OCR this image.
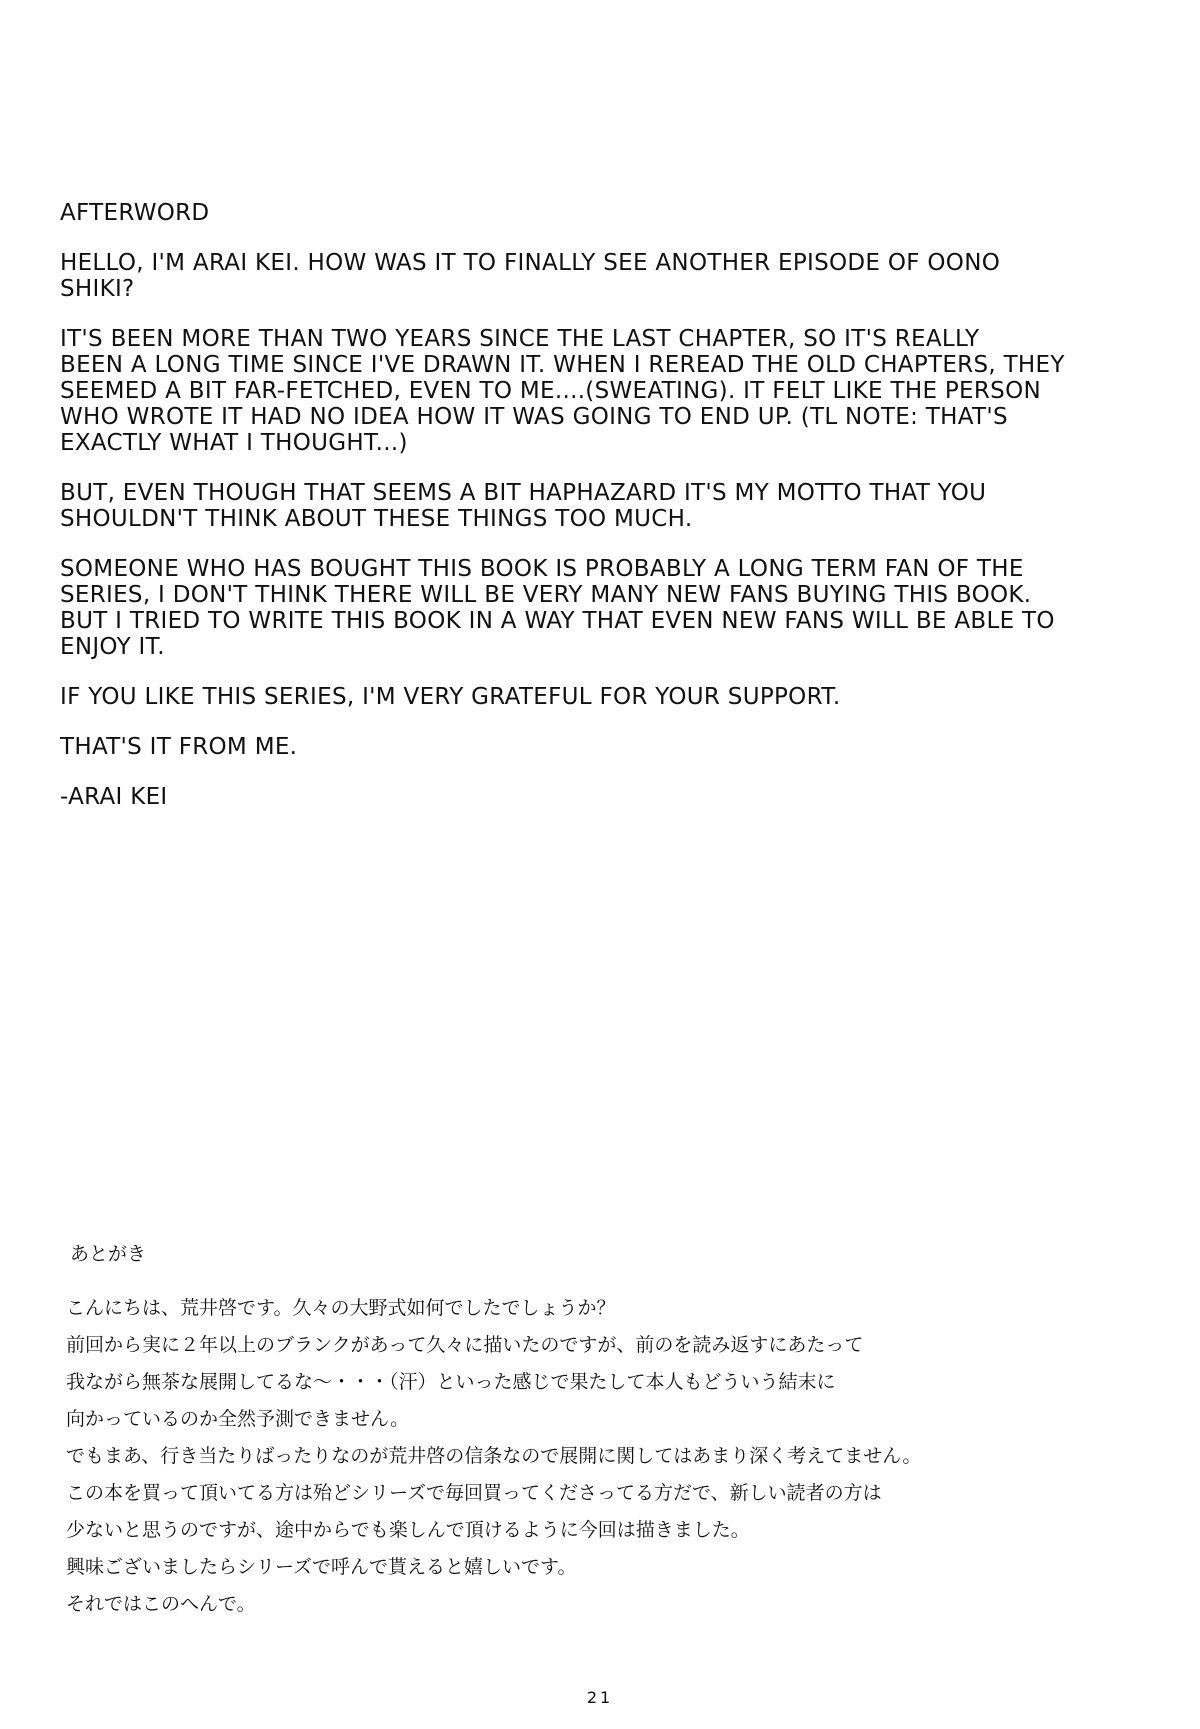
AFTERWORD
HELLO, I'M ARAI KEI. HOW WAS IT TO FINALLY SEE ANOTHER EPISODE OF OONO
SHIKI?
IT'S BEEN MORE THAN TWO YEARS SINCE THE LAST CHAPTER, SO IT'S REALLY
BEEN A LONG TIME SINCE I'VE DRAWN IT. WHEN I REREAD THE OLD CHAPTERS, THEY
SEEMED A BIT FAR-FETCHED, EVEN TO ME....(SWEATING). IT FELT LIKE THE PERSON
WHO WROTE IT HAD NO IDEA HOW IT WAS GOING TO END UP. (TL NOTE: THAT'S
EXACTLY WHAT I THOUGHT...)
BUT, EVEN THOUGH THAT SEEMS A BIT HAPHAZARD IT'S MY MOTTO THAT YOU
SHOULDN'T THINK ABOUT THESE THINGS TOO MUCH.
SOMEONE WHO HAS BOUGHT THIS BOOK IS PROBABLY A LONG TERM FAN OF THE
SERIES, I DON'T THINK THERE WILL BE VERY MANY NEW FANS BUYING THIS BOOK.
BUT I TRIED TO WRITE THIS BOOK IN A WAY THAT EVEN NEW FANS WILL BE ABLE TO
ENJOY IT.
IF YOU LIKE THIS SERIES, I'M VERY GRATEFUL FOR YOUR SUPPORT.
THAT'S IT FROM ME.
-ARAI KEI
あとがき
こんにちは、荒井啓です。久々の大野式如何でしたでしょうか？
前回から実に２年以上のブランクがあって久々に描いたのですが、前のを読み返すにあたって
我ながら無茶な展開してるな～・・・（汗）といった感じで果たして本人もどういう結末に
向かっているのか全然予測できません。
でもまあ、行き当たりばったりなのが荒井啓の信条なので展開に関してはあまり深く考えてません。
この本を買って頂いてる方は殆どシリーズで毎回買ってくださってる方だで、新しい読者の方は
少ないと思うのですが、途中からでも楽しんで頂けるように今回は描きました。
興味ございましたらシリーズで呼んで貰えると嬉しいです。
それではこのへんで。
21
